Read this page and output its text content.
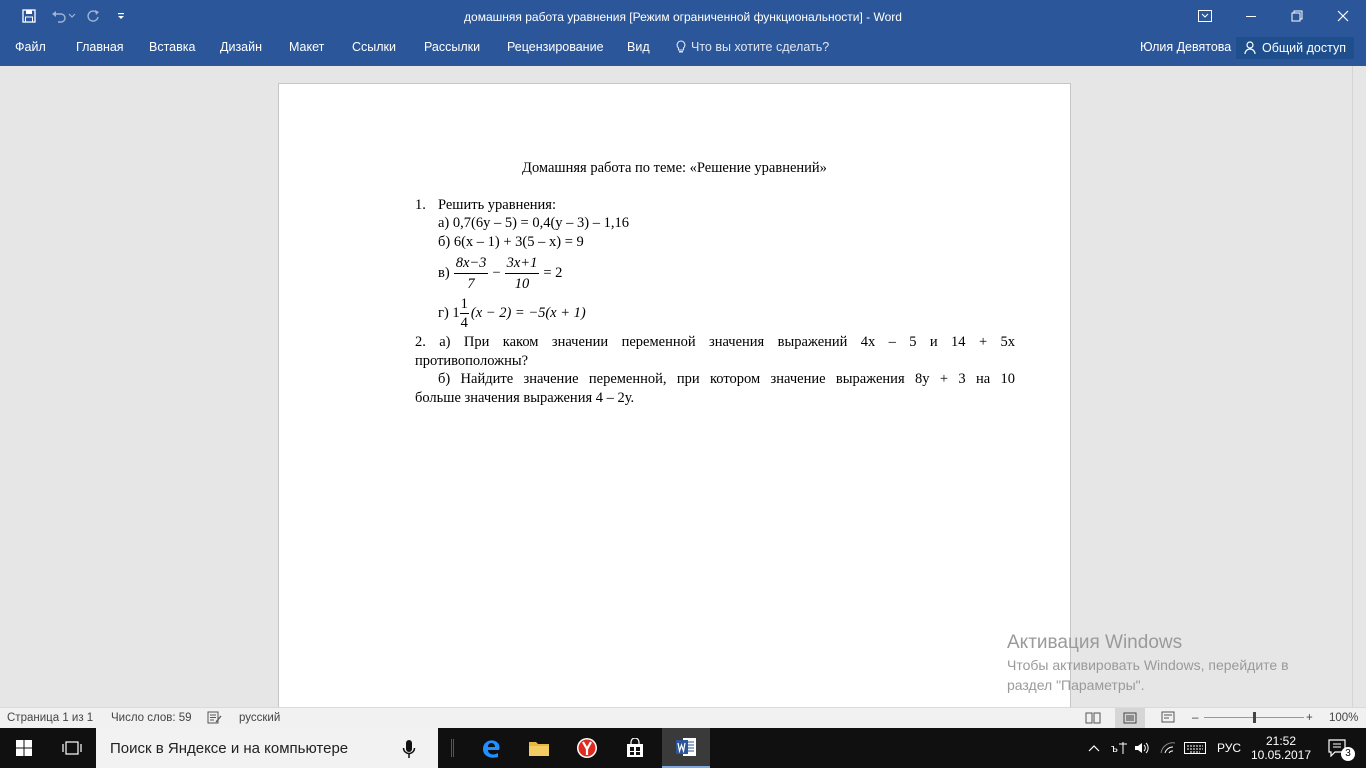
домашняя работа уравнения [Режим ограниченной функциональности] - Word
Файл Главная Вставка Дизайн Макет Ссылки Рассылки Рецензирование Вид	Что вы хотите сделать?	Юлия Девятова Общий доступ
Домашняя работа по теме: «Решение уравнений»
1. Решить уравнения:
а) 0,7(6у – 5) = 0,4(у – 3) – 1,16
б) 6(х – 1) + 3(5 – х) = 9
$в) \frac{8x-3}{7} - \frac{3x+1}{10} = 2$
г) $1 \frac{1}{4} (x - 2) = -5(x + 1)$
2. а) При каком значении переменной значения выражений 4х – 5 и 14 + 5х
противоположны?
б) Найдите значение переменной, при котором значение выражения 8у + 3 на 10
больше значения выражения 4 – 2у.
Активация Windows
Чтобы активировать Windows, перейдите в
раздел "Параметры".
Страница 1 из 1 Число слов: 59	русский	–	+ 100%
Поиск в Яндексе и на компьютере	ъ	РУС 21:52
10.05.2017	3
